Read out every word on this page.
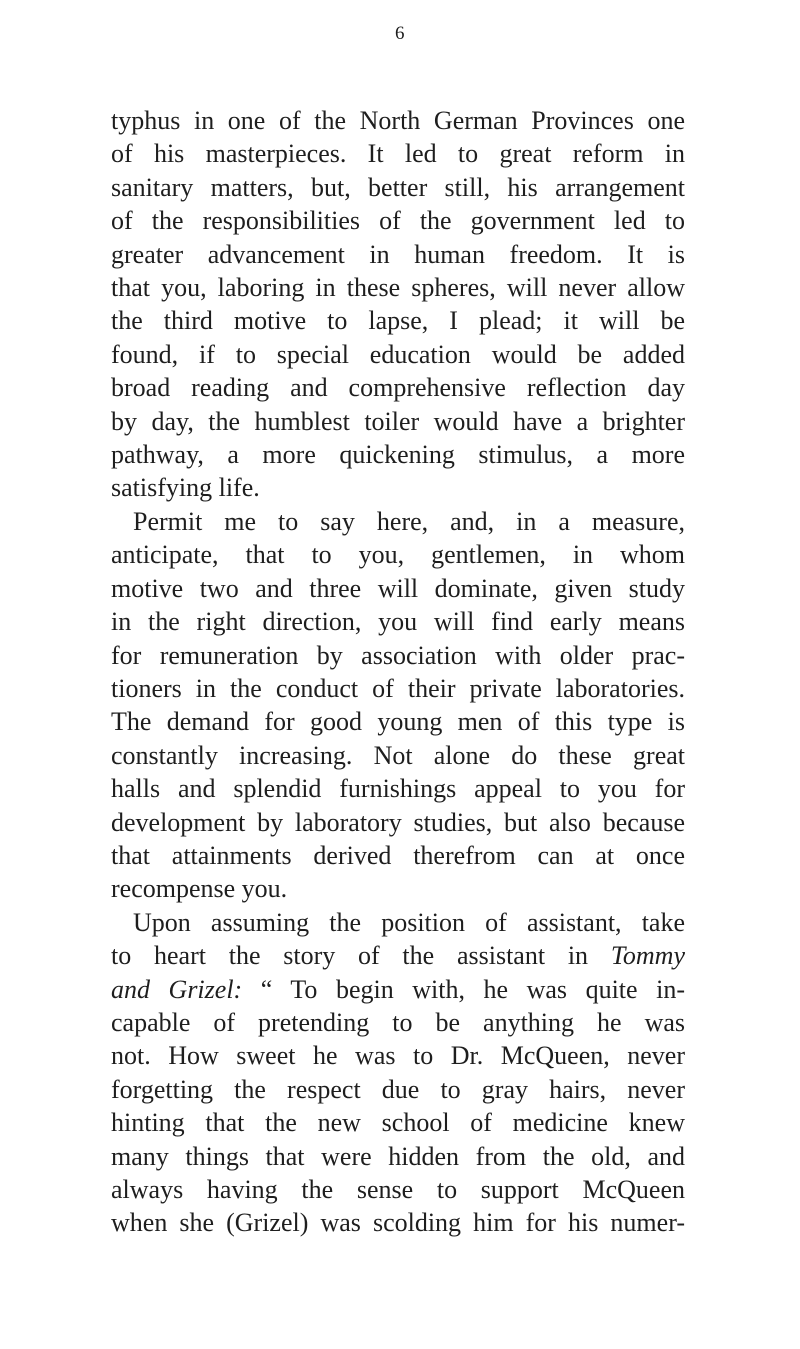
6
typhus in one of the North German Provinces one
of his masterpieces. It led to great reform in
sanitary matters, but, better still, his arrangement
of the responsibilities of the government led to
greater advancement in human freedom. It is
that you, laboring in these spheres, will never allow
the third motive to lapse, I plead; it will be
found, if to special education would be added
broad reading and comprehensive reflection day
by day, the humblest toiler would have a brighter
pathway, a more quickening stimulus, a more
satisfying life.
Permit me to say here, and, in a measure,
anticipate, that to you, gentlemen, in whom
motive two and three will dominate, given study
in the right direction, you will find early means
for remuneration by association with older prac-
tioners in the conduct of their private laboratories.
The demand for good young men of this type is
constantly increasing. Not alone do these great
halls and splendid furnishings appeal to you for
development by laboratory studies, but also because
that attainments derived therefrom can at once
recompense you.
Upon assuming the position of assistant, take
to heart the story of the assistant in Tommy
and Grizel: “ To begin with, he was quite in-
capable of pretending to be anything he was
not. How sweet he was to Dr. McQueen, never
forgetting the respect due to gray hairs, never
hinting that the new school of medicine knew
many things that were hidden from the old, and
always having the sense to support McQueen
when she (Grizel) was scolding him for his numer-
